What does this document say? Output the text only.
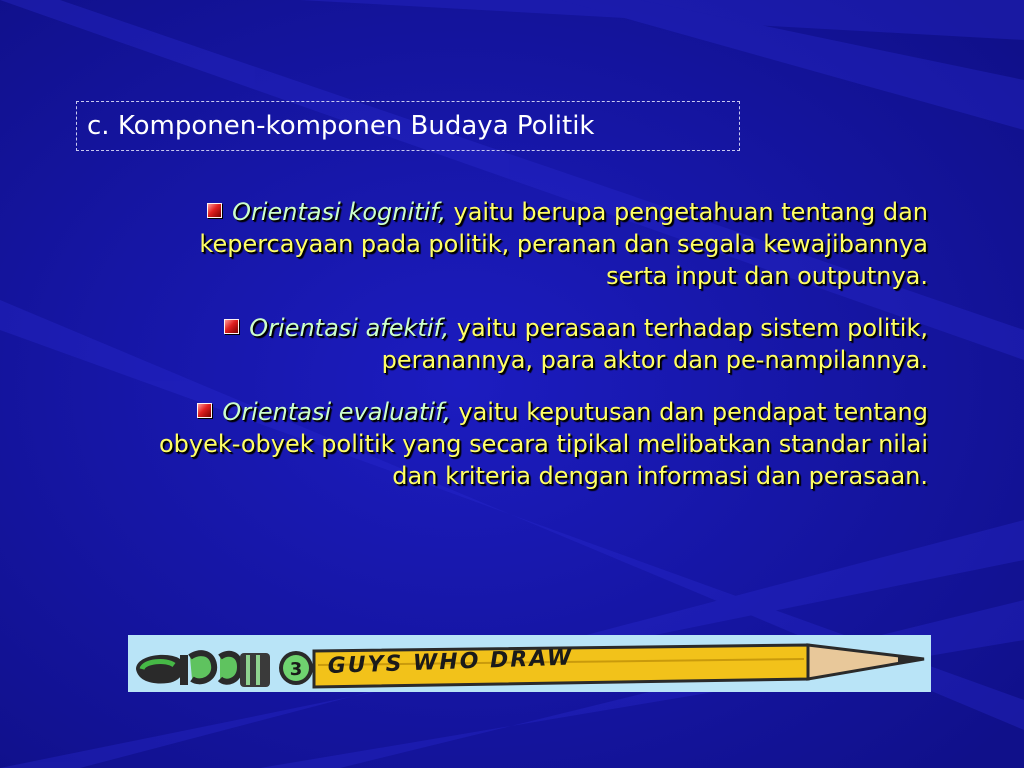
c. Komponen-komponen Budaya Politik
Orientasi kognitif, yaitu berupa pengetahuan tentang dan kepercayaan pada politik, peranan dan segala kewajibannya serta input dan outputnya.
Orientasi afektif, yaitu perasaan terhadap sistem politik, peranannya, para aktor dan pe-nampilannya.
Orientasi evaluatif, yaitu keputusan dan pendapat tentang obyek-obyek politik yang secara tipikal melibatkan standar nilai dan kriteria dengan informasi dan perasaan.
3 GUYS WHO DRAW
